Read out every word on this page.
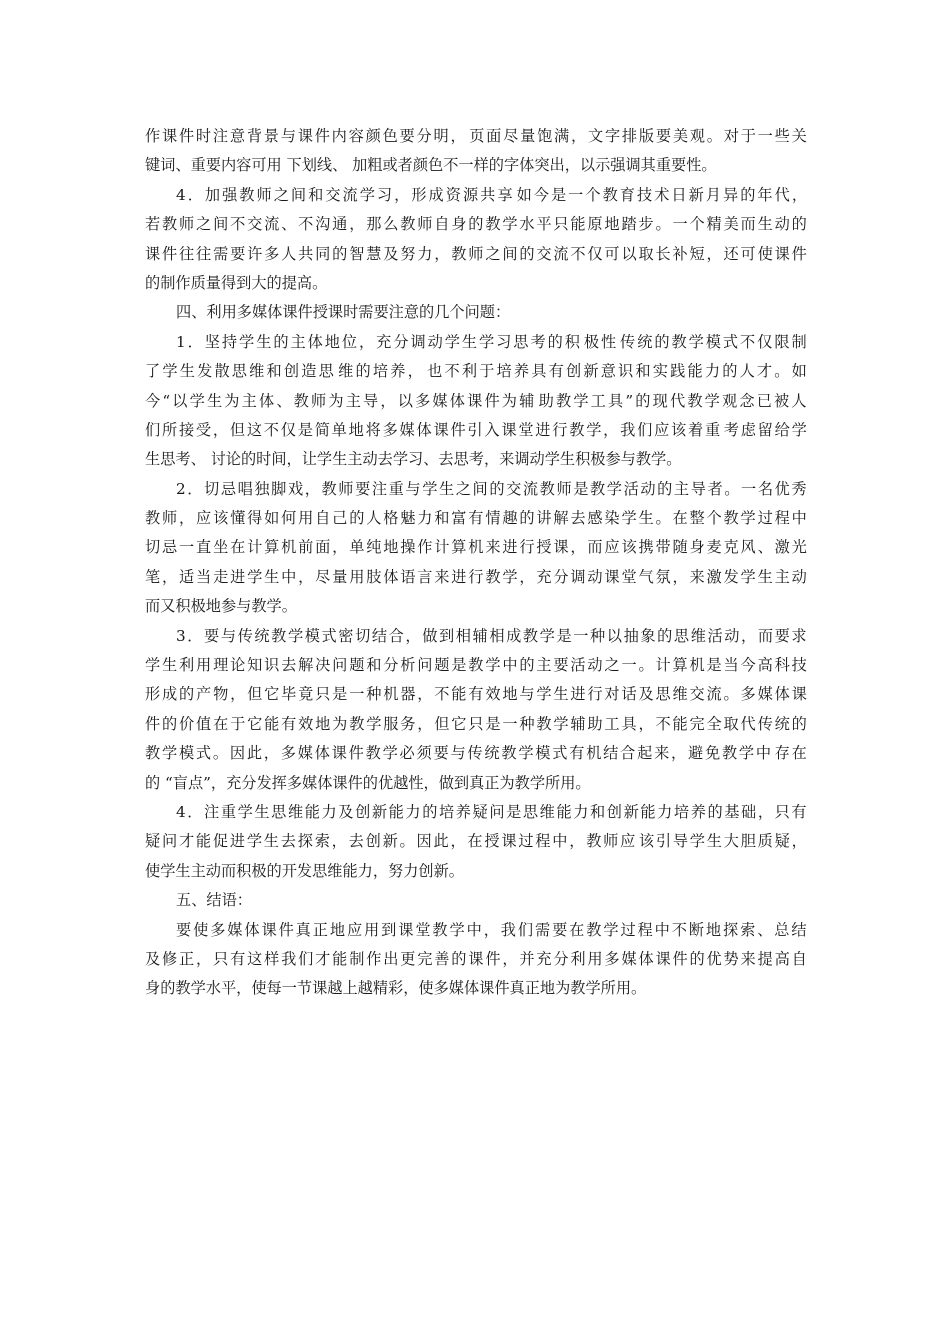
作 课 件 时 注 意 背 景 与 课 件 内 容 颜 色 要 分 明 ， 页 面 尽 量 饱 满 ， 文 字 排 版 要 美 观 。 对 于 一 些 关
键词、重要内容可用 下划线、 加粗或者颜色不一样的字体突出，以示强调其重要性。
4 ． 加 强 教 师 之 间 和 交 流 学 习 ， 形 成 资 源 共 享 如 今 是 一 个 教 育 技 术 日 新 月 异 的 年 代 ，
若 教 师 之 间 不 交 流 、 不 沟 通 ， 那 么 教 师 自 身 的 教 学 水 平 只 能 原 地 踏 步 。 一 个 精 美 而 生 动 的
课 件 往 往 需 要 许 多 人 共 同 的 智 慧 及 努 力 ， 教 师 之 间 的 交 流 不 仅 可 以 取 长 补 短 ， 还 可 使 课 件
的制作质量得到大的提高。
四、利用多媒体课件授课时需要注意的几个问题：
1 ． 坚 持 学 生 的 主 体 地 位 ， 充 分 调 动 学 生 学 习 思 考 的 积 极 性 传 统 的 教 学 模 式 不 仅 限 制
了 学 生 发 散 思 维 和 创 造 思 维 的 培 养 ， 也 不 利 于 培 养 具 有 创 新 意 识 和 实 践 能 力 的 人 才 。 如
今 “ 以 学 生 为 主 体 、 教 师 为 主 导 ， 以 多 媒 体 课 件 为 辅 助 教 学 工 具 ” 的 现 代 教 学 观 念 已 被 人
们 所 接 受 ， 但 这 不 仅 是 简 单 地 将 多 媒 体 课 件 引 入 课 堂 进 行 教 学 ， 我 们 应 该 着 重 考 虑 留 给 学
生思考、 讨论的时间，让学生主动去学习、去思考，来调动学生积极参与教学。
2 ． 切 忌 唱 独 脚 戏 ， 教 师 要 注 重 与 学 生 之 间 的 交 流 教 师 是 教 学 活 动 的 主 导 者 。 一 名 优 秀
教 师 ， 应 该 懂 得 如 何 用 自 己 的 人 格 魅 力 和 富 有 情 趣 的 讲 解 去 感 染 学 生 。 在 整 个 教 学 过 程 中
切 忌 一 直 坐 在 计 算 机 前 面 ， 单 纯 地 操 作 计 算 机 来 进 行 授 课 ， 而 应 该 携 带 随 身 麦 克 风 、 激 光
笔 ， 适 当 走 进 学 生 中 ， 尽 量 用 肢 体 语 言 来 进 行 教 学 ， 充 分 调 动 课 堂 气 氛 ， 来 激 发 学 生 主 动
而又积极地参与教学。
3 ． 要 与 传 统 教 学 模 式 密 切 结 合 ， 做 到 相 辅 相 成 教 学 是 一 种 以 抽 象 的 思 维 活 动 ， 而 要 求
学 生 利 用 理 论 知 识 去 解 决 问 题 和 分 析 问 题 是 教 学 中 的 主 要 活 动 之 一 。 计 算 机 是 当 今 高 科 技
形 成 的 产 物 ， 但 它 毕 竟 只 是 一 种 机 器 ， 不 能 有 效 地 与 学 生 进 行 对 话 及 思 维 交 流 。 多 媒 体 课
件 的 价 值 在 于 它 能 有 效 地 为 教 学 服 务 ， 但 它 只 是 一 种 教 学 辅 助 工 具 ， 不 能 完 全 取 代 传 统 的
教 学 模 式 。 因 此 ， 多 媒 体 课 件 教 学 必 须 要 与 传 统 教 学 模 式 有 机 结 合 起 来 ， 避 免 教 学 中 存 在
的 “盲点”，充分发挥多媒体课件的优越性，做到真正为教学所用。
4 ． 注 重 学 生 思 维 能 力 及 创 新 能 力 的 培 养 疑 问 是 思 维 能 力 和 创 新 能 力 培 养 的 基 础 ， 只 有
疑 问 才 能 促 进 学 生 去 探 索 ， 去 创 新 。 因 此 ， 在 授 课 过 程 中 ， 教 师 应 该 引 导 学 生 大 胆 质 疑 ，
使学生主动而积极的开发思维能力，努力创新。
五、结语：
要 使 多 媒 体 课 件 真 正 地 应 用 到 课 堂 教 学 中 ， 我 们 需 要 在 教 学 过 程 中 不 断 地 探 索 、 总 结
及 修 正 ， 只 有 这 样 我 们 才 能 制 作 出 更 完 善 的 课 件 ， 并 充 分 利 用 多 媒 体 课 件 的 优 势 来 提 高 自
身的教学水平，使每一节课越上越精彩，使多媒体课件真正地为教学所用。
